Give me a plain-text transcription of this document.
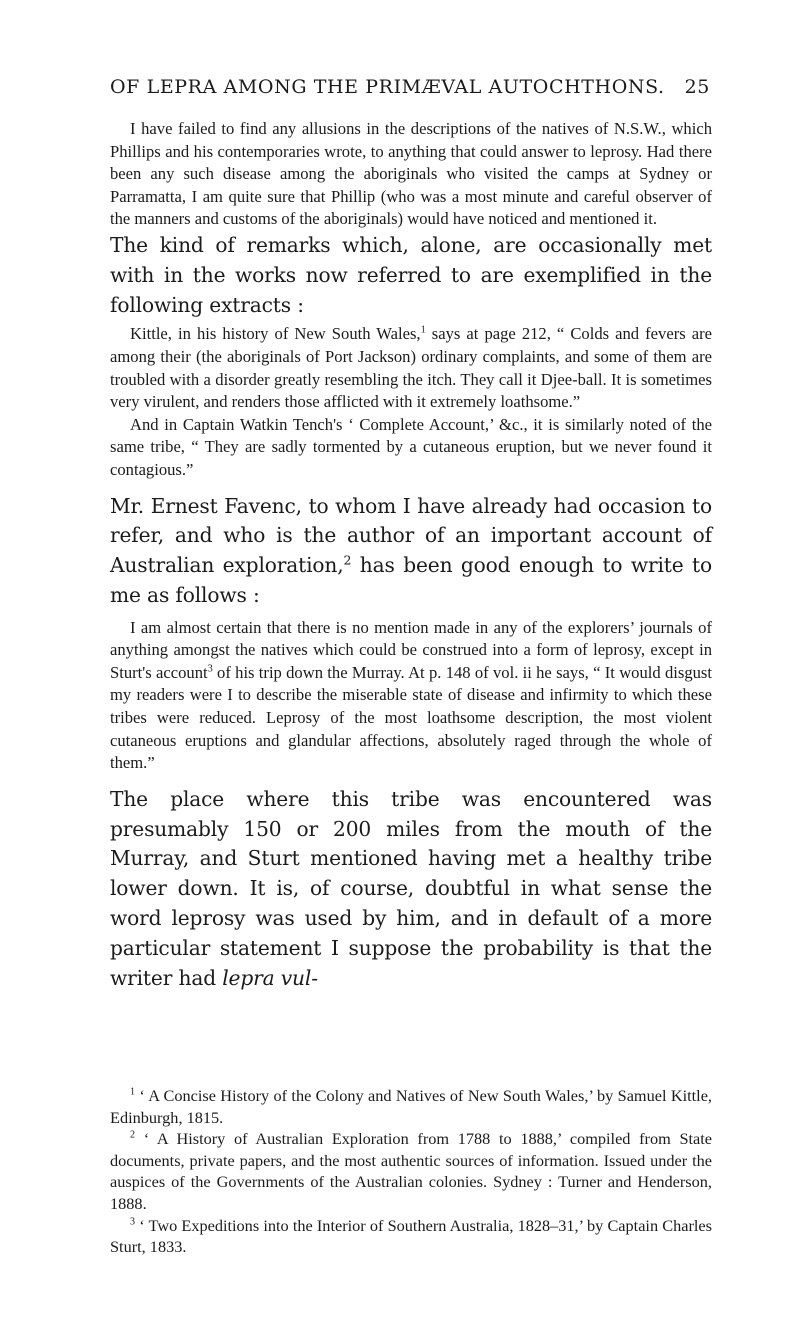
OF LEPRA AMONG THE PRIMÆVAL AUTOCHTHONS. 25

I have failed to find any allusions in the descriptions of the natives of N.S.W., which Phillips and his contemporaries wrote, to anything that could answer to leprosy. Had there been any such disease among the aboriginals who visited the camps at Sydney or Parramatta, I am quite sure that Phillip (who was a most minute and careful observer of the manners and customs of the aboriginals) would have noticed and mentioned it.

The kind of remarks which, alone, are occasionally met with in the works now referred to are exemplified in the following extracts :

Kittle, in his history of New South Wales,$^1$ says at page 212, “ Colds and fevers are among their (the aboriginals of Port Jackson) ordinary complaints, and some of them are troubled with a disorder greatly resembling the itch. They call it Djee-ball. It is sometimes very virulent, and renders those afflicted with it extremely loathsome.”

And in Captain Watkin Tench's ‘ Complete Account,’ &c., it is similarly noted of the same tribe, “ They are sadly tormented by a cutaneous eruption, but we never found it contagious.”

Mr. Ernest Favenc, to whom I have already had occasion to refer, and who is the author of an important account of Australian exploration,$^2$ has been good enough to write to me as follows :

I am almost certain that there is no mention made in any of the explorers’ journals of anything amongst the natives which could be construed into a form of leprosy, except in Sturt's account$^3$ of his trip down the Murray. At p. 148 of vol. ii he says, “ It would disgust my readers were I to describe the miserable state of disease and infirmity to which these tribes were reduced. Leprosy of the most loathsome description, the most violent cutaneous eruptions and glandular affections, absolutely raged through the whole of them.”

The place where this tribe was encountered was presumably 150 or 200 miles from the mouth of the Murray, and Sturt mentioned having met a healthy tribe lower down. It is, of course, doubtful in what sense the word leprosy was used by him, and in default of a more particular statement I suppose the probability is that the writer had lepra vul-

$^1$ ‘ A Concise History of the Colony and Natives of New South Wales,’ by Samuel Kittle, Edinburgh, 1815.

$^2$ ‘ A History of Australian Exploration from 1788 to 1888,’ compiled from State documents, private papers, and the most authentic sources of information. Issued under the auspices of the Governments of the Australian colonies. Sydney : Turner and Henderson, 1888.

$^3$ ‘ Two Expeditions into the Interior of Southern Australia, 1828–31,’ by Captain Charles Sturt, 1833.
